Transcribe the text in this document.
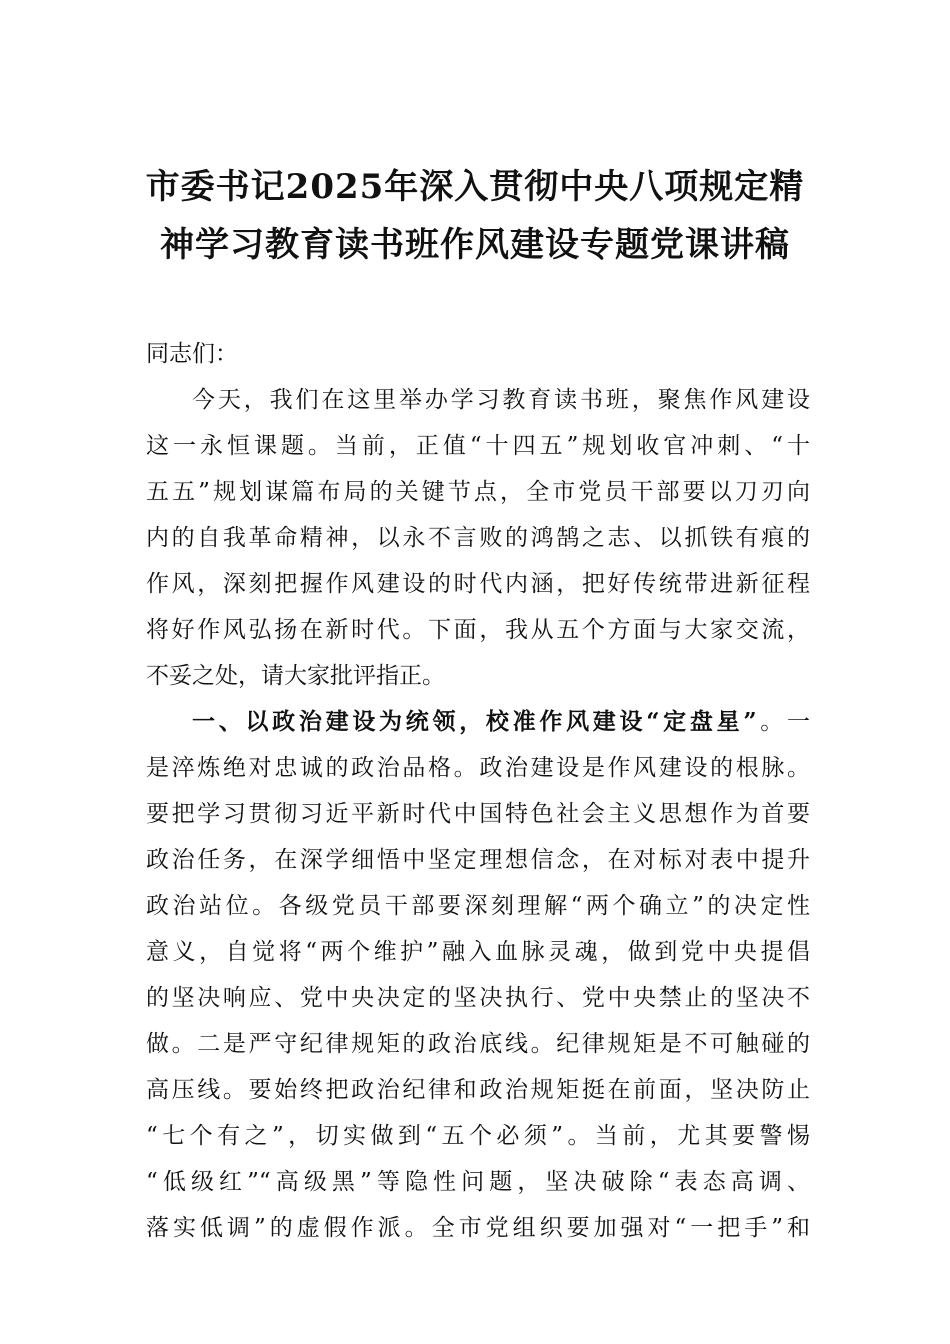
市委书记2025年深入贯彻中央八项规定精
神学习教育读书班作风建设专题党课讲稿
同志们：
今天，我们在这里举办学习教育读书班，聚焦作风建设
这一永恒课题。当前，正值“十四五”规划收官冲刺、“十
五五”规划谋篇布局的关键节点，全市党员干部要以刀刃向
内的自我革命精神，以永不言败的鸿鹄之志、以抓铁有痕的
作风，深刻把握作风建设的时代内涵，把好传统带进新征程
将好作风弘扬在新时代。下面，我从五个方面与大家交流，
不妥之处，请大家批评指正。
一、以政治建设为统领，校准作风建设“定盘星”。一
是淬炼绝对忠诚的政治品格。政治建设是作风建设的根脉。
要把学习贯彻习近平新时代中国特色社会主义思想作为首要
政治任务，在深学细悟中坚定理想信念，在对标对表中提升
政治站位。各级党员干部要深刻理解“两个确立”的决定性
意义，自觉将“两个维护”融入血脉灵魂，做到党中央提倡
的坚决响应、党中央决定的坚决执行、党中央禁止的坚决不
做。二是严守纪律规矩的政治底线。纪律规矩是不可触碰的
高压线。要始终把政治纪律和政治规矩挺在前面，坚决防止
“七个有之”，切实做到“五个必须”。当前，尤其要警惕
“低级红”“高级黑”等隐性问题，坚决破除“表态高调、
落实低调”的虚假作派。全市党组织要加强对“一把手”和
